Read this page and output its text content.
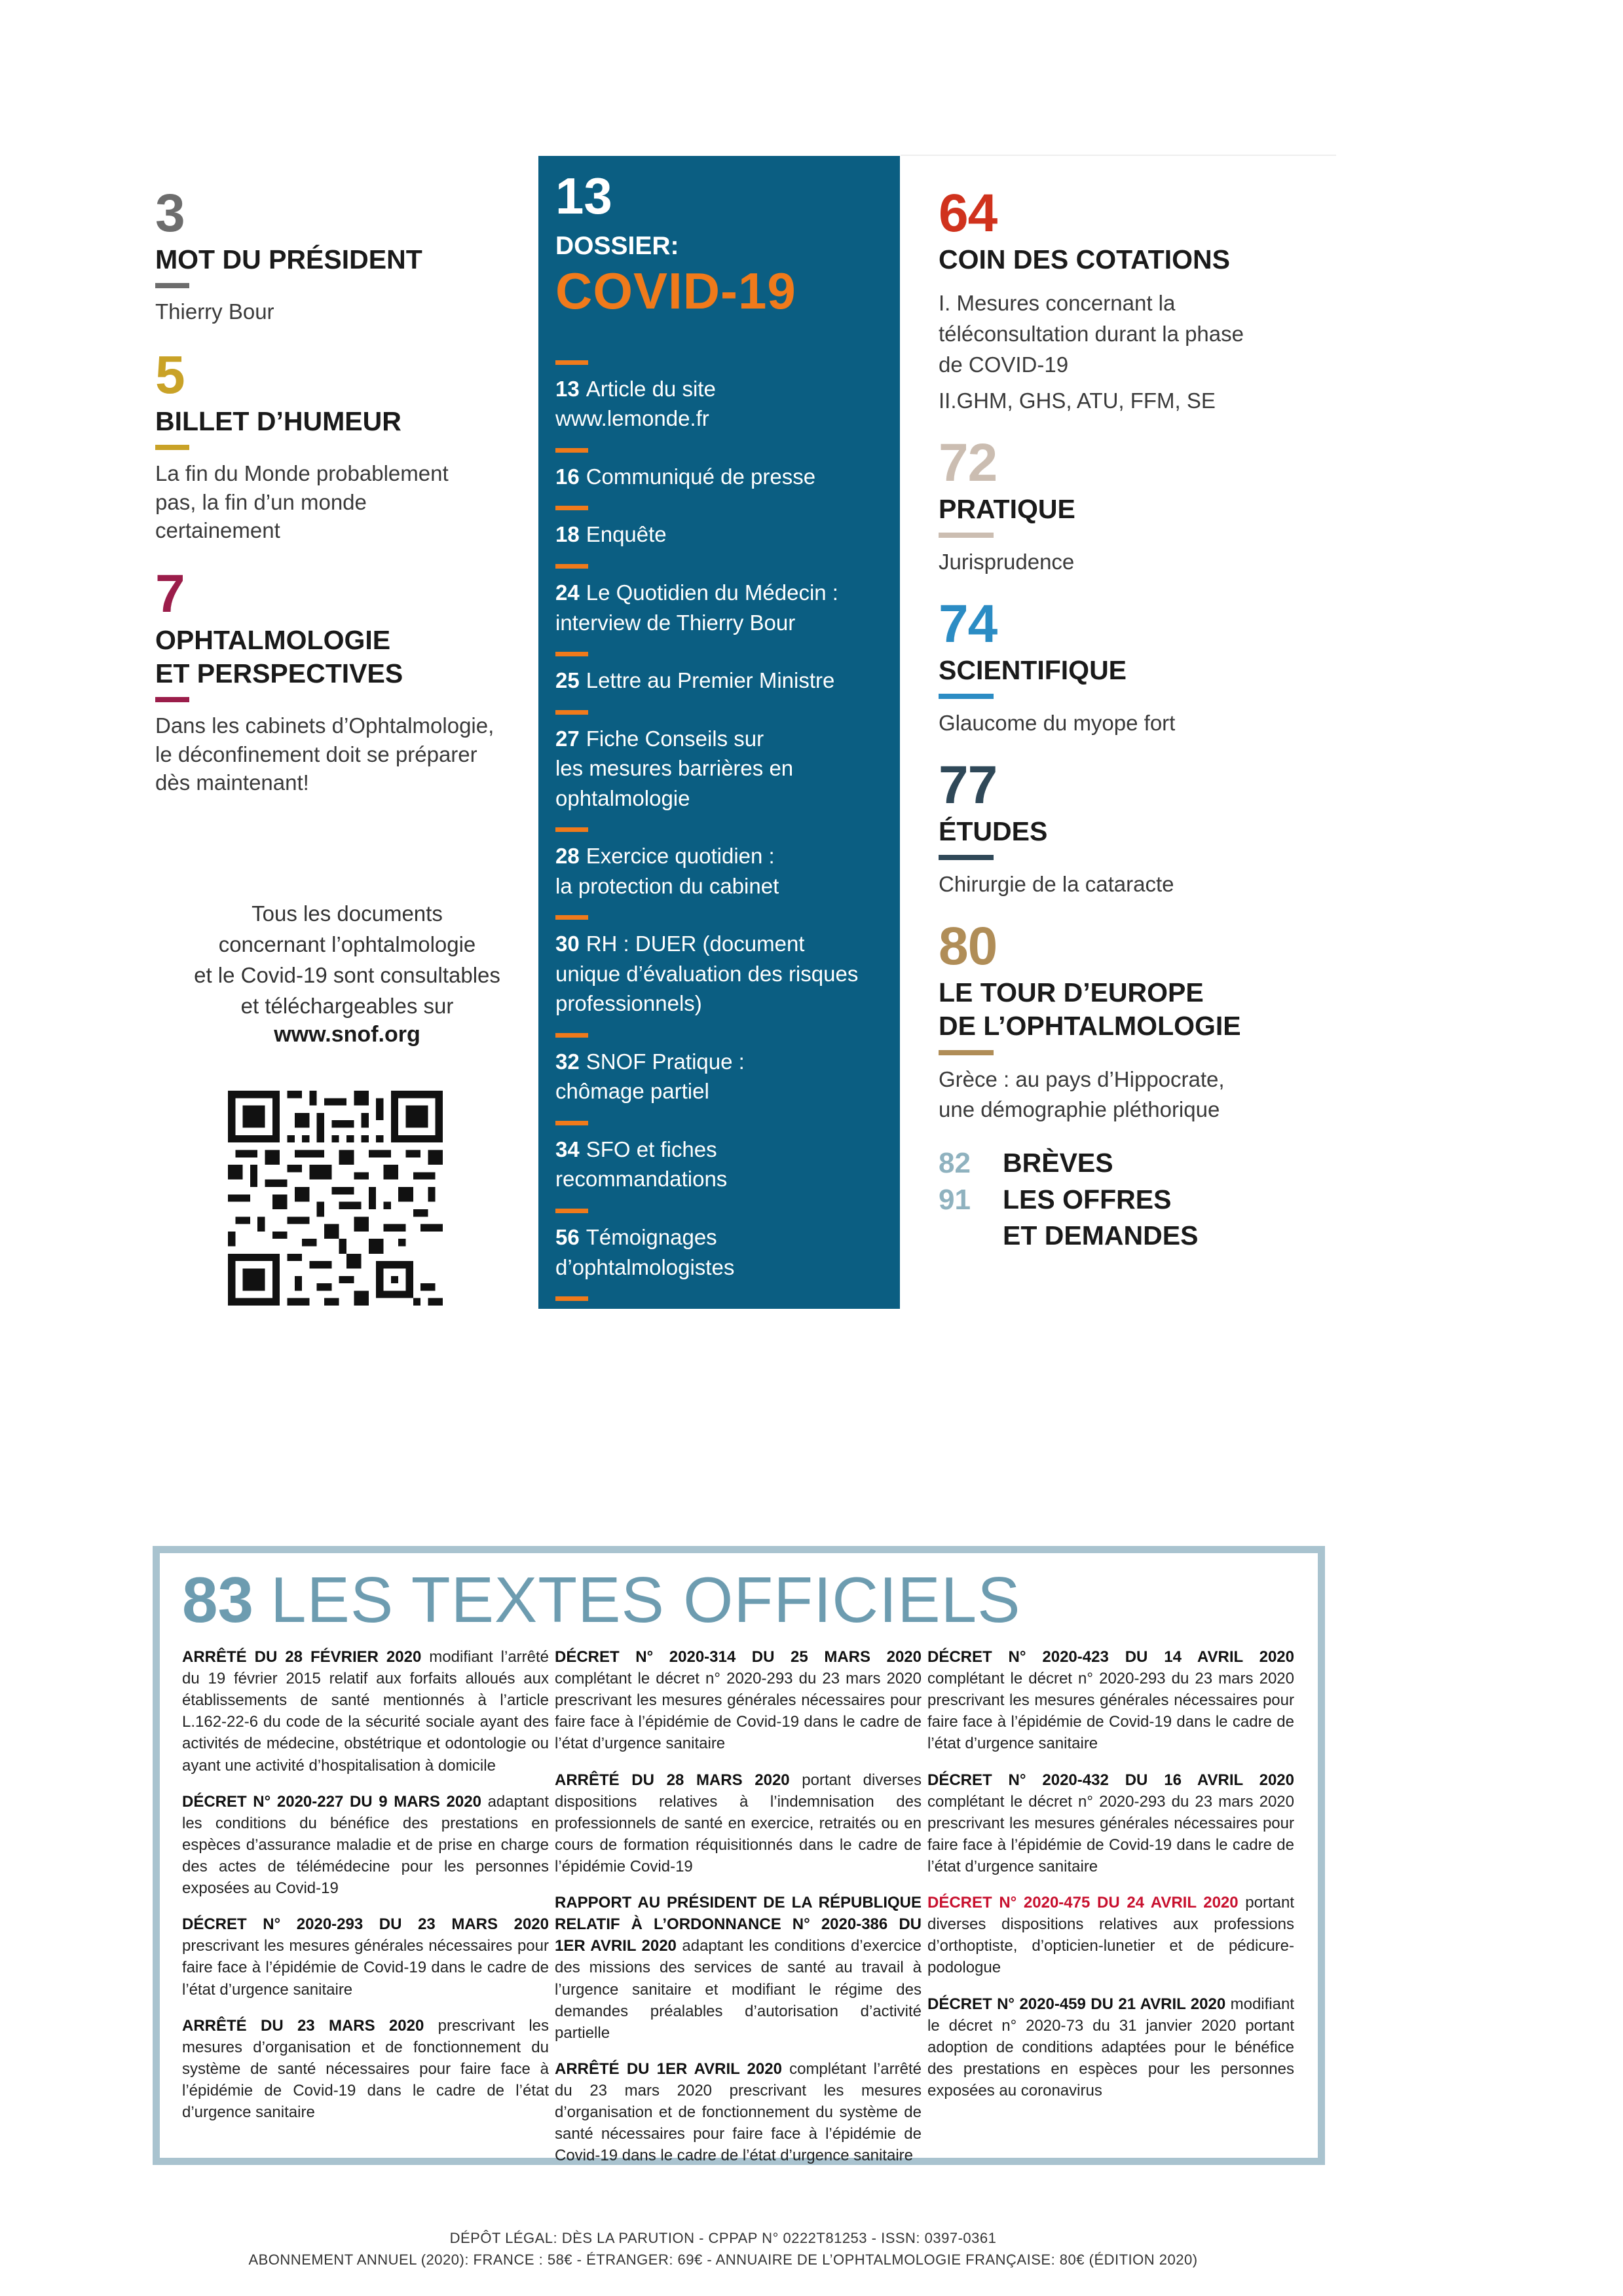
3
MOT DU PRÉSIDENT
Thierry Bour
5
BILLET D’HUMEUR
La fin du Monde probablement
pas, la fin d’un monde
certainement
7
OPHTALMOLOGIE
ET PERSPECTIVES
Dans les cabinets d’Ophtalmologie,
le déconfinement doit se préparer
dès maintenant!
Tous les documents
concernant l’ophtalmologie
et le Covid-19 sont consultables
et téléchargeables sur
www.snof.org
13
DOSSIER:
COVID-19
13 Article du site
www.lemonde.fr
16 Communiqué de presse
18 Enquête
24 Le Quotidien du Médecin :
interview de Thierry Bour
25 Lettre au Premier Ministre
27 Fiche Conseils sur
les mesures barrières en
ophtalmologie
28 Exercice quotidien :
la protection du cabinet
30 RH : DUER (document
unique d’évaluation des risques
professionnels)
32 SNOF Pratique :
chômage partiel
34 SFO et fiches
recommandations
56 Témoignages
d’ophtalmologistes
62 Les partenaires
communiquent
64
COIN DES COTATIONS
I. Mesures concernant la
téléconsultation durant la phase
de COVID-19
II.GHM, GHS, ATU, FFM, SE
72
PRATIQUE
Jurisprudence
74
SCIENTIFIQUE
Glaucome du myope fort
77
ÉTUDES
Chirurgie de la cataracte
80
LE TOUR D’EUROPE
DE L’OPHTALMOLOGIE
Grèce : au pays d’Hippocrate,
une démographie pléthorique
82	BRÈVES
91	LES OFFRES
ET DEMANDES
83 LES TEXTES OFFICIELS

ARRÊTÉ DU 28 FÉVRIER 2020 modifiant l’arrêté du 19 février 2015 relatif aux forfaits alloués aux établissements de santé mentionnés à l’article L.162-22-6 du code de la sécurité sociale ayant des activités de médecine, obstétrique et odontologie ou ayant une activité d’hospitalisation à domicile

DÉCRET N° 2020-227 DU 9 MARS 2020 adaptant les conditions du bénéfice des prestations en espèces d’assurance maladie et de prise en charge des actes de télémédecine pour les personnes exposées au Covid-19

DÉCRET N° 2020-293 DU 23 MARS 2020 prescrivant les mesures générales nécessaires pour faire face à l’épidémie de Covid-19 dans le cadre de l’état d’urgence sanitaire

ARRÊTÉ DU 23 MARS 2020 prescrivant les mesures d’organisation et de fonctionnement du système de santé nécessaires pour faire face à l’épidémie de Covid-19 dans le cadre de l’état d’urgence sanitaire

DÉCRET N° 2020-314 DU 25 MARS 2020 complétant le décret n° 2020-293 du 23 mars 2020 prescrivant les mesures générales nécessaires pour faire face à l’épidémie de Covid-19 dans le cadre de l’état d’urgence sanitaire

ARRÊTÉ DU 28 MARS 2020 portant diverses dispositions relatives à l’indemnisation des professionnels de santé en exercice, retraités ou en cours de formation réquisitionnés dans le cadre de l’épidémie Covid-19

RAPPORT AU PRÉSIDENT DE LA RÉPUBLIQUE RELATIF À L’ORDONNANCE N° 2020-386 DU 1ER AVRIL 2020 adaptant les conditions d’exercice des missions des services de santé au travail à l’urgence sanitaire et modifiant le régime des demandes préalables d’autorisation d’activité partielle

ARRÊTÉ DU 1ER AVRIL 2020 complétant l’arrêté du 23 mars 2020 prescrivant les mesures d’organisation et de fonctionnement du système de santé nécessaires pour faire face à l’épidémie de Covid-19 dans le cadre de l’état d’urgence sanitaire

DÉCRET N° 2020-423 DU 14 AVRIL 2020 complétant le décret n° 2020-293 du 23 mars 2020 prescrivant les mesures générales nécessaires pour faire face à l’épidémie de Covid-19 dans le cadre de l’état d’urgence sanitaire

DÉCRET N° 2020-432 DU 16 AVRIL 2020 complétant le décret n° 2020-293 du 23 mars 2020 prescrivant les mesures générales nécessaires pour faire face à l’épidémie de Covid-19 dans le cadre de l’état d’urgence sanitaire

DÉCRET N° 2020-475 DU 24 AVRIL 2020 portant diverses dispositions relatives aux professions d’orthoptiste, d’opticien-lunetier et de pédicure-podologue

DÉCRET N° 2020-459 DU 21 AVRIL 2020 modifiant le décret n° 2020-73 du 31 janvier 2020 portant adoption de conditions adaptées pour le bénéfice des prestations en espèces pour les personnes exposées au coronavirus

DÉPÔT LÉGAL: DÈS LA PARUTION - CPPAP N° 0222T81253 - ISSN: 0397-0361
ABONNEMENT ANNUEL (2020): FRANCE : 58€ - ÉTRANGER: 69€ - ANNUAIRE DE L’OPHTALMOLOGIE FRANÇAISE: 80€ (ÉDITION 2020)
